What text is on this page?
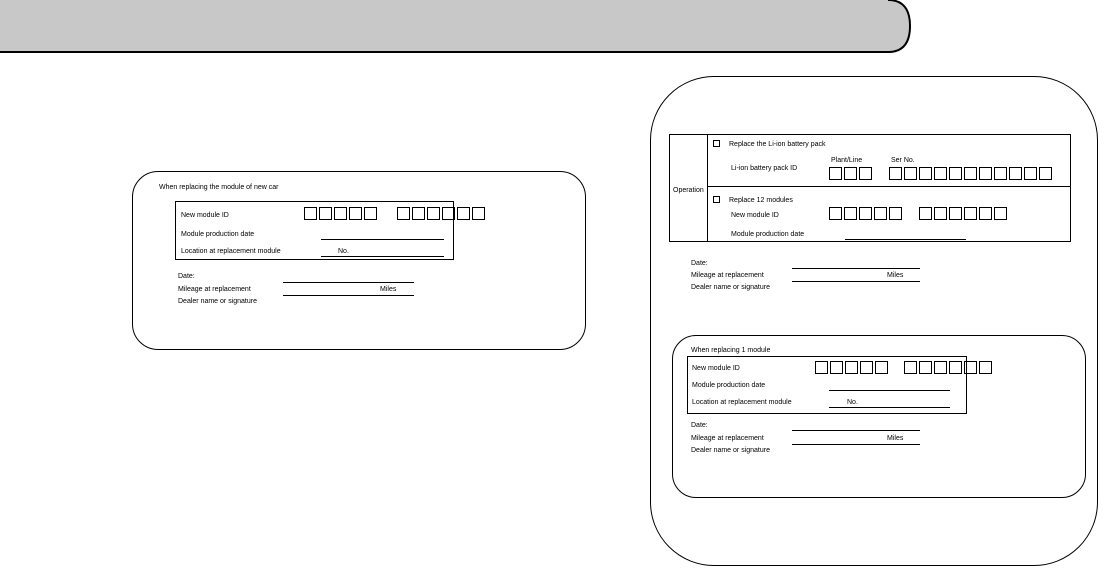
When replacing the module of new car
New module ID
Module production date
Location at replacement module	No.
Date:
Mileage at replacement	Miles
Dealer name or signature
Operation
Replace the Li-ion battery pack
Plant/Line	Ser No.
Li-ion battery pack ID
Replace 12 modules
New module ID
Module production date
Date:
Mileage at replacement	Miles
Dealer name or signature
When replacing 1 module
New module ID
Module production date
Location at replacement module	No.
Date:
Mileage at replacement	Miles
Dealer name or signature
